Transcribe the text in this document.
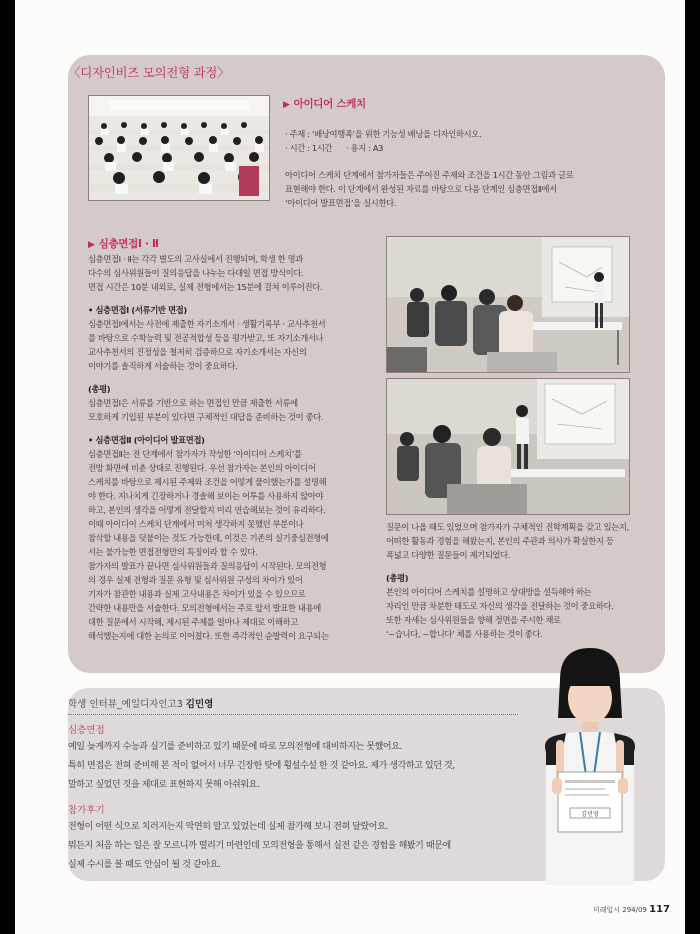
〈디자인비즈 모의전형 과정〉
▶ 아이디어 스케치

· 주제 : ‘배낭여행족’을 위한 기능성 배낭을 디자인하시오.

· 시간 : 1시간      · 용지 : A3

아이디어 스케치 단계에서 참가자들은 주어진 주제와 조건을 1시간 동안 그림과 글로

표현해야 한다. 이 단계에서 완성된 자료를 바탕으로 다음 단계인 심층면접Ⅱ에서

‘아이디어 발표면접’을 실시한다.

▶ 심층면접Ⅰ · Ⅱ

심층면접Ⅰ · Ⅱ는 각각 별도의 고사실에서 진행되며, 학생 한 명과

다수의 심사위원들이 질의응답을 나누는 다대일 면접 방식이다.

면접 시간은 10분 내외로, 실제 전형에서는 15분에 걸쳐 이루어진다.

• 심층면접Ⅰ (서류기반 면접)

심층면접Ⅰ에서는 사전에 제출한 자기소개서 · 생활기록부 · 교사추천서

를 바탕으로 수학능력 및 전공적합성 등을 평가받고, 또 자기소개서나

교사추천서의 진정성을 철저히 검증하므로 자기소개서는 자신의

이야기를 솔직하게 서술하는 것이 중요하다.

(총평)

심층면접Ⅰ은 서류를 기반으로 하는 면접인 만큼 제출한 서류에

모호하게 기입된 부분이 있다면 구체적인 대답을 준비하는 것이 좋다.

• 심층면접Ⅱ (아이디어 발표면접)

심층면접Ⅱ는 전 단계에서 참가자가 작성한 ‘아이디어 스케치’를

전방 화면에 비춘 상태로 진행된다. 우선 참가자는 본인의 아이디어

스케치를 바탕으로 제시된 주제와 조건을 어떻게 풀이했는가를 설명해

야 한다. 지나치게 긴장하거나 경솔해 보이는 어투를 사용하지 않아야

하고, 본인의 생각을 어떻게 전달할지 미리 연습해보는 것이 유리하다.

이때 아이디어 스케치 단계에서 미처 생각하지 못했던 부분이나

참삭할 내용을 덧붙이는 것도 가능한데, 이것은 기존의 실기중심전형에

서는 불가능한 면접전형만의 특징이라 할 수 있다.

참가자의 발표가 끝나면 심사위원들과 질의응답이 시작된다. 모의전형

의 경우 실제 전형과 질문 유형 및 심사위원 구성의 차이가 있어

기자가 참관한 내용과 실제 고사내용은 차이가 있을 수 있으므로

간략한 내용만을 서술한다. 모의전형에서는 주로 앞서 발표한 내용에

대한 질문에서 시작해, 제시된 주제를 얼마나 제대로 이해하고

해석했는지에 대한 논의로 이어졌다. 또한 즉각적인 순발력이 요구되는

질문이 나올 때도 있었으며 참가자가 구체적인 진학계획을 갖고 있는지,

어떠한 활동과 경험을 해왔는지, 본인의 주관과 의사가 확실한지 등

폭넓고 다양한 질문들이 제기되었다.

(총평)

본인의 아이디어 스케치를 설명하고 상대방을 설득해야 하는

자리인 만큼 차분한 태도로 자신의 생각을 전달하는 것이 중요하다.

또한 자세는 심사위원들을 향해 정면을 주시한 채로

‘~습니다, ~합니다’ 체를 사용하는 것이 좋다.

학생 인터뷰_예일디자인고3 김민영
심층면접

예일 늦게까지 수능과 실기를 준비하고 있기 때문에 따로 모의전형에 대비하지는 못했어요.

특히 면접은 전혀 준비해 본 적이 없어서 너무 긴장한 탓에 횡설수설 한 것 같아요. 제가 생각하고 있던 것,

말하고 싶었던 것을 제대로 표현하지 못해 아쉬워요.

참가후기

전형이 어떤 식으로 치러지는지 막연히 알고 있었는데 실제 참가해 보니 전혀 달랐어요.

뭐든지 처음 하는 일은 잘 모르니까 떨리기 마련인데 모의전형을 통해서 실전 같은 경험을 해봤기 때문에

실제 수시를 볼 때도 안심이 될 것 같아요.

김민영
미래입시 294/09 117
